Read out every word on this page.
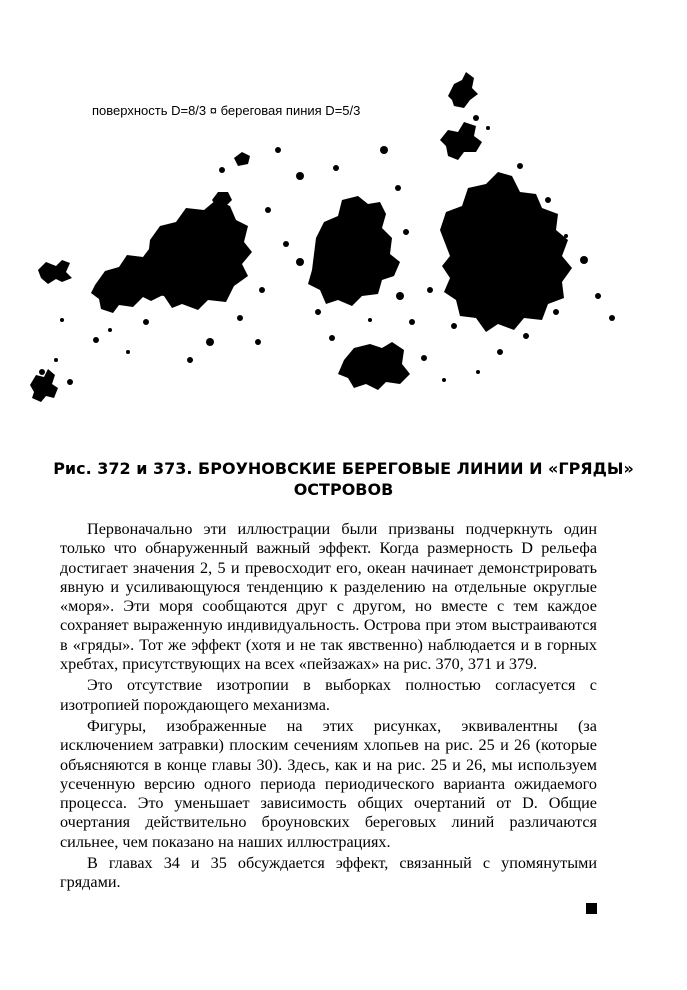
поверхность D=8/3 ¤ береговая пиния D=5/3
Рис. 372 и 373. БРОУНОВСКИЕ БЕРЕГОВЫЕ ЛИНИИ И «ГРЯДЫ»
ОСТРОВОВ

Первоначально эти иллюстрации были призваны подчеркнуть один только что обнаруженный важный эффект. Когда размерность D рельефа достигает значения 2, 5 и превосходит его, океан начинает демонстрировать явную и усиливающуюся тенденцию к разделению на отдельные округлые «моря». Эти моря сообщаются друг с другом, но вместе с тем каждое сохраняет выраженную индивидуальность. Острова при этом выстраиваются в «гряды». Тот же эффект (хотя и не так явственно) наблюдается и в горных хребтах, присутствующих на всех «пейзажах» на рис. 370, 371 и 379.

Это отсутствие изотропии в выборках полностью согласуется с изотропией порождающего механизма.

Фигуры, изображенные на этих рисунках, эквивалентны (за исключением затравки) плоским сечениям хлопьев на рис. 25 и 26 (которые объясняются в конце главы 30). Здесь, как и на рис. 25 и 26, мы используем усеченную версию одного периода периодического варианта ожидаемого процесса. Это уменьшает зависимость общих очертаний от D. Общие очертания действительно броуновских береговых линий различаются сильнее, чем показано на наших иллюстрациях.

В главах 34 и 35 обсуждается эффект, связанный с упомянутыми грядами.
